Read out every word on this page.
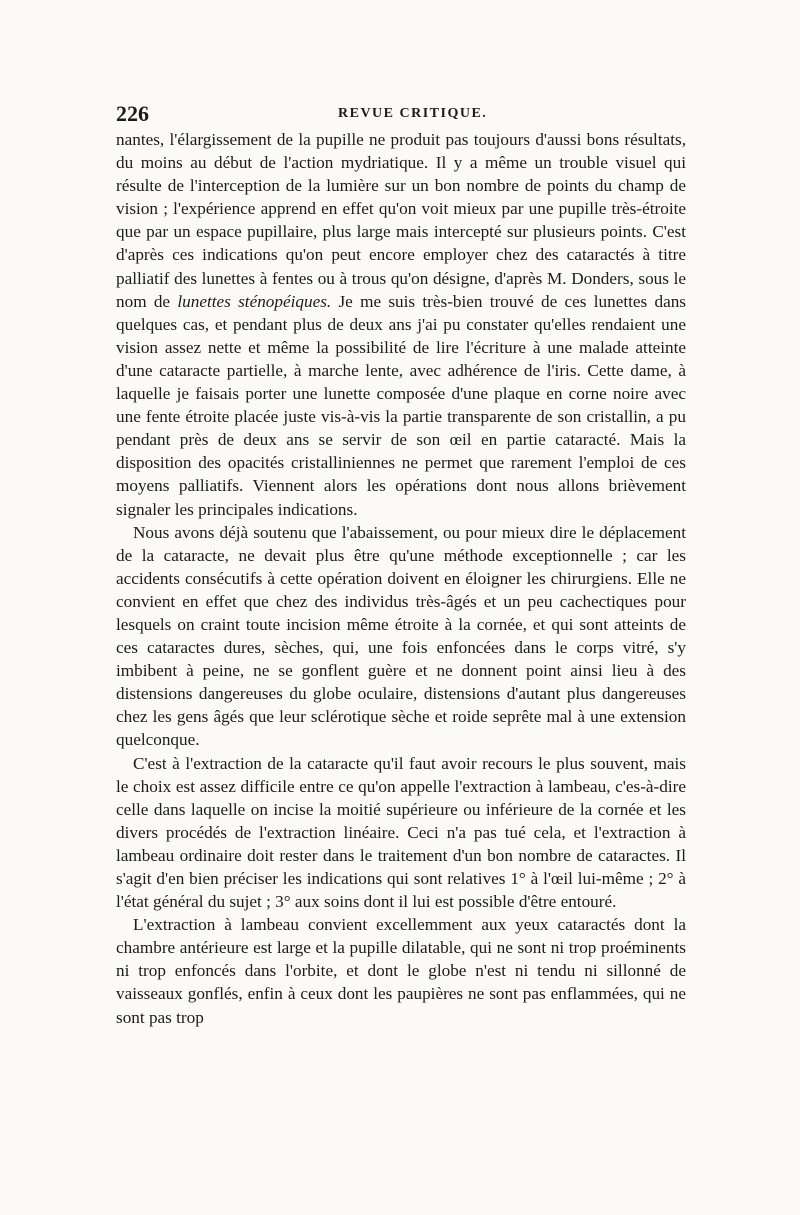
226	REVUE CRITIQUE.

nantes, l'élargissement de la pupille ne produit pas toujours d'aussi bons résultats, du moins au début de l'action mydriatique. Il y a même un trouble visuel qui résulte de l'interception de la lumière sur un bon nombre de points du champ de vision ; l'expérience apprend en effet qu'on voit mieux par une pupille très-étroite que par un espace pupillaire, plus large mais intercepté sur plusieurs points. C'est d'après ces indications qu'on peut encore employer chez des cataractés à titre palliatif des lunettes à fentes ou à trous qu'on désigne, d'après M. Donders, sous le nom de lunettes sténopéiques. Je me suis très-bien trouvé de ces lunettes dans quelques cas, et pendant plus de deux ans j'ai pu constater qu'elles rendaient une vision assez nette et même la possibilité de lire l'écriture à une malade atteinte d'une cataracte partielle, à marche lente, avec adhérence de l'iris. Cette dame, à laquelle je faisais porter une lunette composée d'une plaque en corne noire avec une fente étroite placée juste vis-à-vis la partie transparente de son cristallin, a pu pendant près de deux ans se servir de son œil en partie cataracté. Mais la disposition des opacités cristalliniennes ne permet que rarement l'emploi de ces moyens palliatifs. Viennent alors les opérations dont nous allons brièvement signaler les principales indications.

Nous avons déjà soutenu que l'abaissement, ou pour mieux dire le déplacement de la cataracte, ne devait plus être qu'une méthode exceptionnelle ; car les accidents consécutifs à cette opération doivent en éloigner les chirurgiens. Elle ne convient en effet que chez des individus très-âgés et un peu cachectiques pour lesquels on craint toute incision même étroite à la cornée, et qui sont atteints de ces cataractes dures, sèches, qui, une fois enfoncées dans le corps vitré, s'y imbibent à peine, ne se gonflent guère et ne donnent point ainsi lieu à des distensions dangereuses du globe oculaire, distensions d'autant plus dangereuses chez les gens âgés que leur sclérotique sèche et roide seprête mal à une extension quelconque.

C'est à l'extraction de la cataracte qu'il faut avoir recours le plus souvent, mais le choix est assez difficile entre ce qu'on appelle l'extraction à lambeau, c'es-à-dire celle dans laquelle on incise la moitié supérieure ou inférieure de la cornée et les divers procédés de l'extraction linéaire. Ceci n'a pas tué cela, et l'extraction à lambeau ordinaire doit rester dans le traitement d'un bon nombre de cataractes. Il s'agit d'en bien préciser les indications qui sont relatives 1° à l'œil lui-même ; 2° à l'état général du sujet ; 3° aux soins dont il lui est possible d'être entouré.

L'extraction à lambeau convient excellemment aux yeux cataractés dont la chambre antérieure est large et la pupille dilatable, qui ne sont ni trop proéminents ni trop enfoncés dans l'orbite, et dont le globe n'est ni tendu ni sillonné de vaisseaux gonflés, enfin à ceux dont les paupières ne sont pas enflammées, qui ne sont pas trop
